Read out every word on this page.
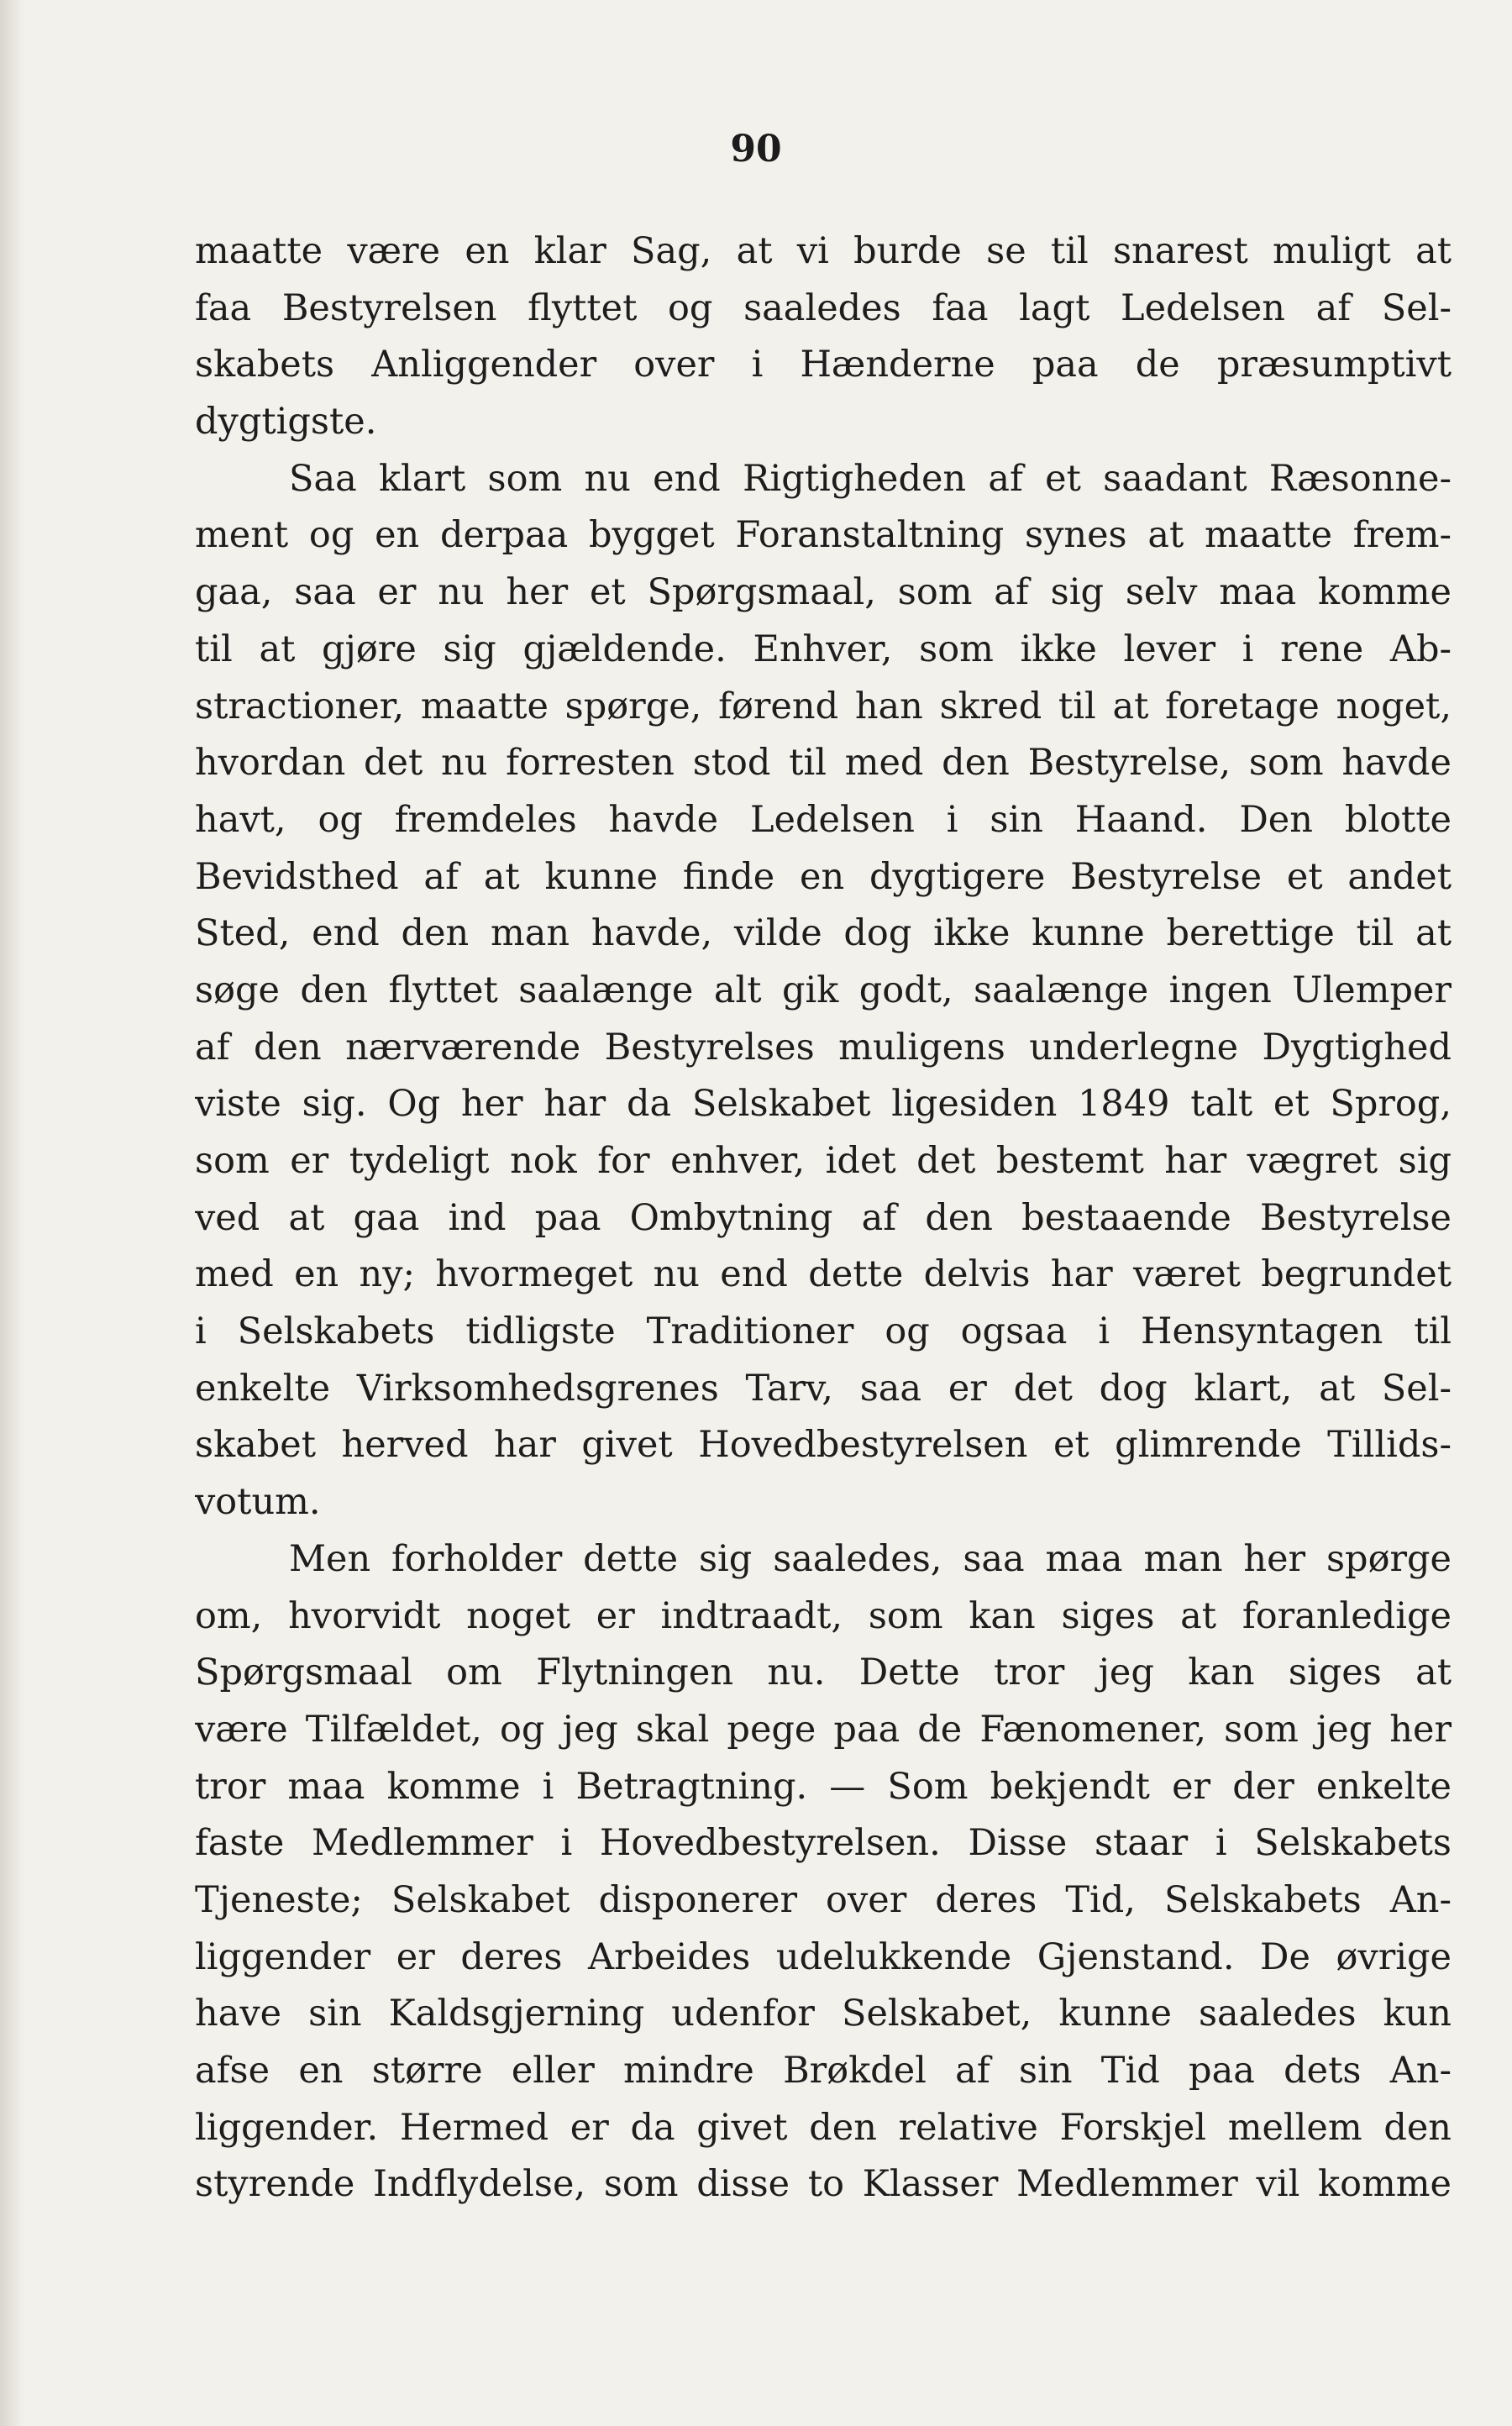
90
maatte være en klar Sag, at vi burde se til snarest muligt at
faa Bestyrelsen flyttet og saaledes faa lagt Ledelsen af Sel-
skabets Anliggender over i Hænderne paa de præsumptivt
dygtigste.
Saa klart som nu end Rigtigheden af et saadant Ræsonne-
ment og en derpaa bygget Foranstaltning synes at maatte frem-
gaa, saa er nu her et Spørgsmaal, som af sig selv maa komme
til at gjøre sig gjældende. Enhver, som ikke lever i rene Ab-
stractioner, maatte spørge, førend han skred til at foretage noget,
hvordan det nu forresten stod til med den Bestyrelse, som havde
havt, og fremdeles havde Ledelsen i sin Haand. Den blotte
Bevidsthed af at kunne finde en dygtigere Bestyrelse et andet
Sted, end den man havde, vilde dog ikke kunne berettige til at
søge den flyttet saalænge alt gik godt, saalænge ingen Ulemper
af den nærværende Bestyrelses muligens underlegne Dygtighed
viste sig. Og her har da Selskabet ligesiden 1849 talt et Sprog,
som er tydeligt nok for enhver, idet det bestemt har vægret sig
ved at gaa ind paa Ombytning af den bestaaende Bestyrelse
med en ny; hvormeget nu end dette delvis har været begrundet
i Selskabets tidligste Traditioner og ogsaa i Hensyntagen til
enkelte Virksomhedsgrenes Tarv, saa er det dog klart, at Sel-
skabet herved har givet Hovedbestyrelsen et glimrende Tillids-
votum.
Men forholder dette sig saaledes, saa maa man her spørge
om, hvorvidt noget er indtraadt, som kan siges at foranledige
Spørgsmaal om Flytningen nu. Dette tror jeg kan siges at
være Tilfældet, og jeg skal pege paa de Fænomener, som jeg her
tror maa komme i Betragtning. — Som bekjendt er der enkelte
faste Medlemmer i Hovedbestyrelsen. Disse staar i Selskabets
Tjeneste; Selskabet disponerer over deres Tid, Selskabets An-
liggender er deres Arbeides udelukkende Gjenstand. De øvrige
have sin Kaldsgjerning udenfor Selskabet, kunne saaledes kun
afse en større eller mindre Brøkdel af sin Tid paa dets An-
liggender. Hermed er da givet den relative Forskjel mellem den
styrende Indflydelse, som disse to Klasser Medlemmer vil komme
